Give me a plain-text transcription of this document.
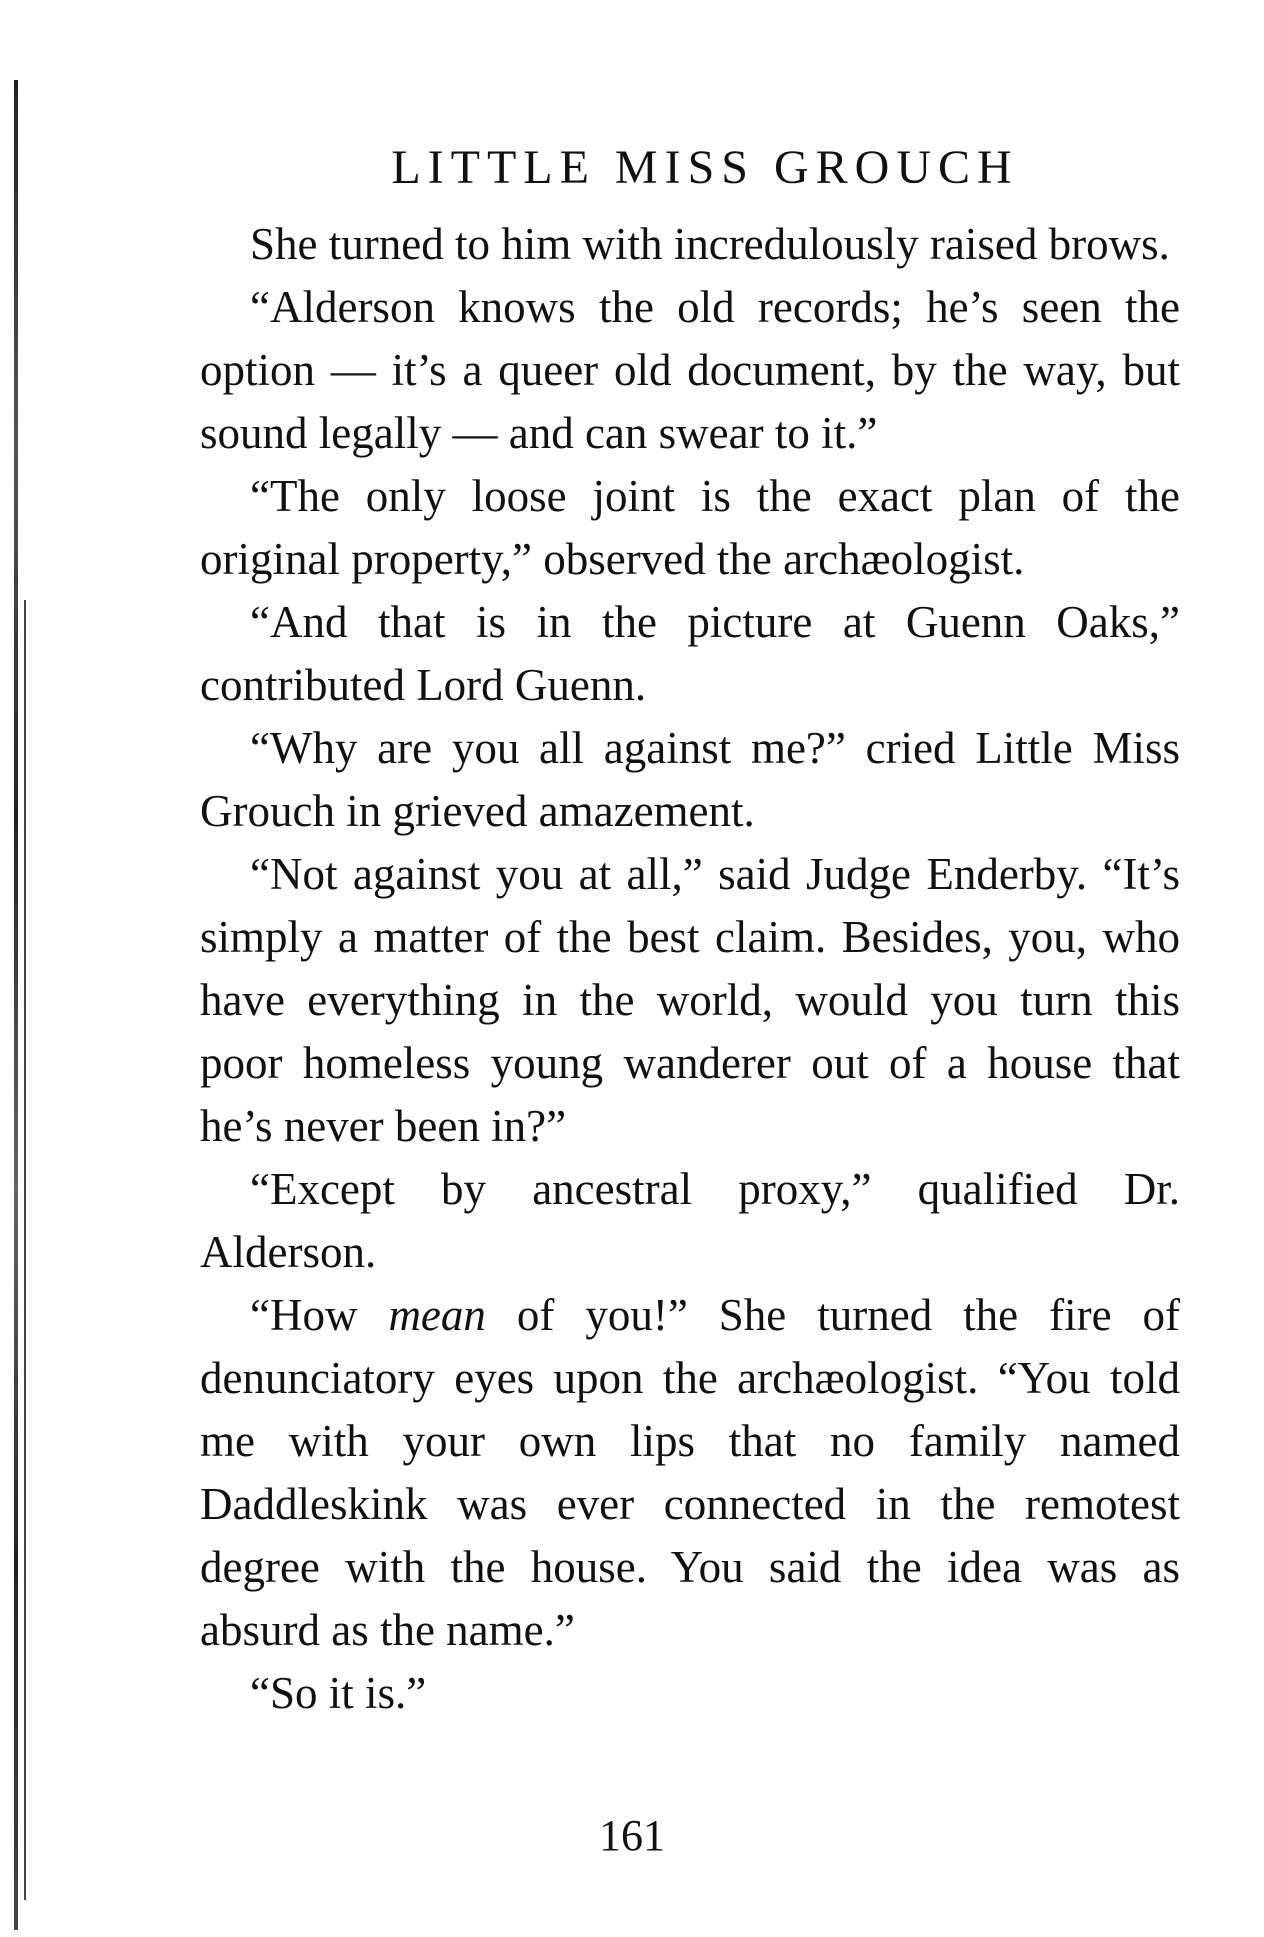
LITTLE MISS GROUCH

She turned to him with incredulously raised brows.

“Alderson knows the old records; he’s seen the option — it’s a queer old document, by the way, but sound legally — and can swear to it.”

“The only loose joint is the exact plan of the original property,” observed the archæologist.

“And that is in the picture at Guenn Oaks,” contributed Lord Guenn.

“Why are you all against me?” cried Little Miss Grouch in grieved amazement.

“Not against you at all,” said Judge Enderby. “It’s simply a matter of the best claim. Besides, you, who have everything in the world, would you turn this poor homeless young wanderer out of a house that he’s never been in?”

“Except by ancestral proxy,” qualified Dr. Alderson.

“How mean of you!” She turned the fire of denunciatory eyes upon the archæologist. “You told me with your own lips that no family named Daddleskink was ever connected in the remotest degree with the house. You said the idea was as absurd as the name.”

“So it is.”

161
